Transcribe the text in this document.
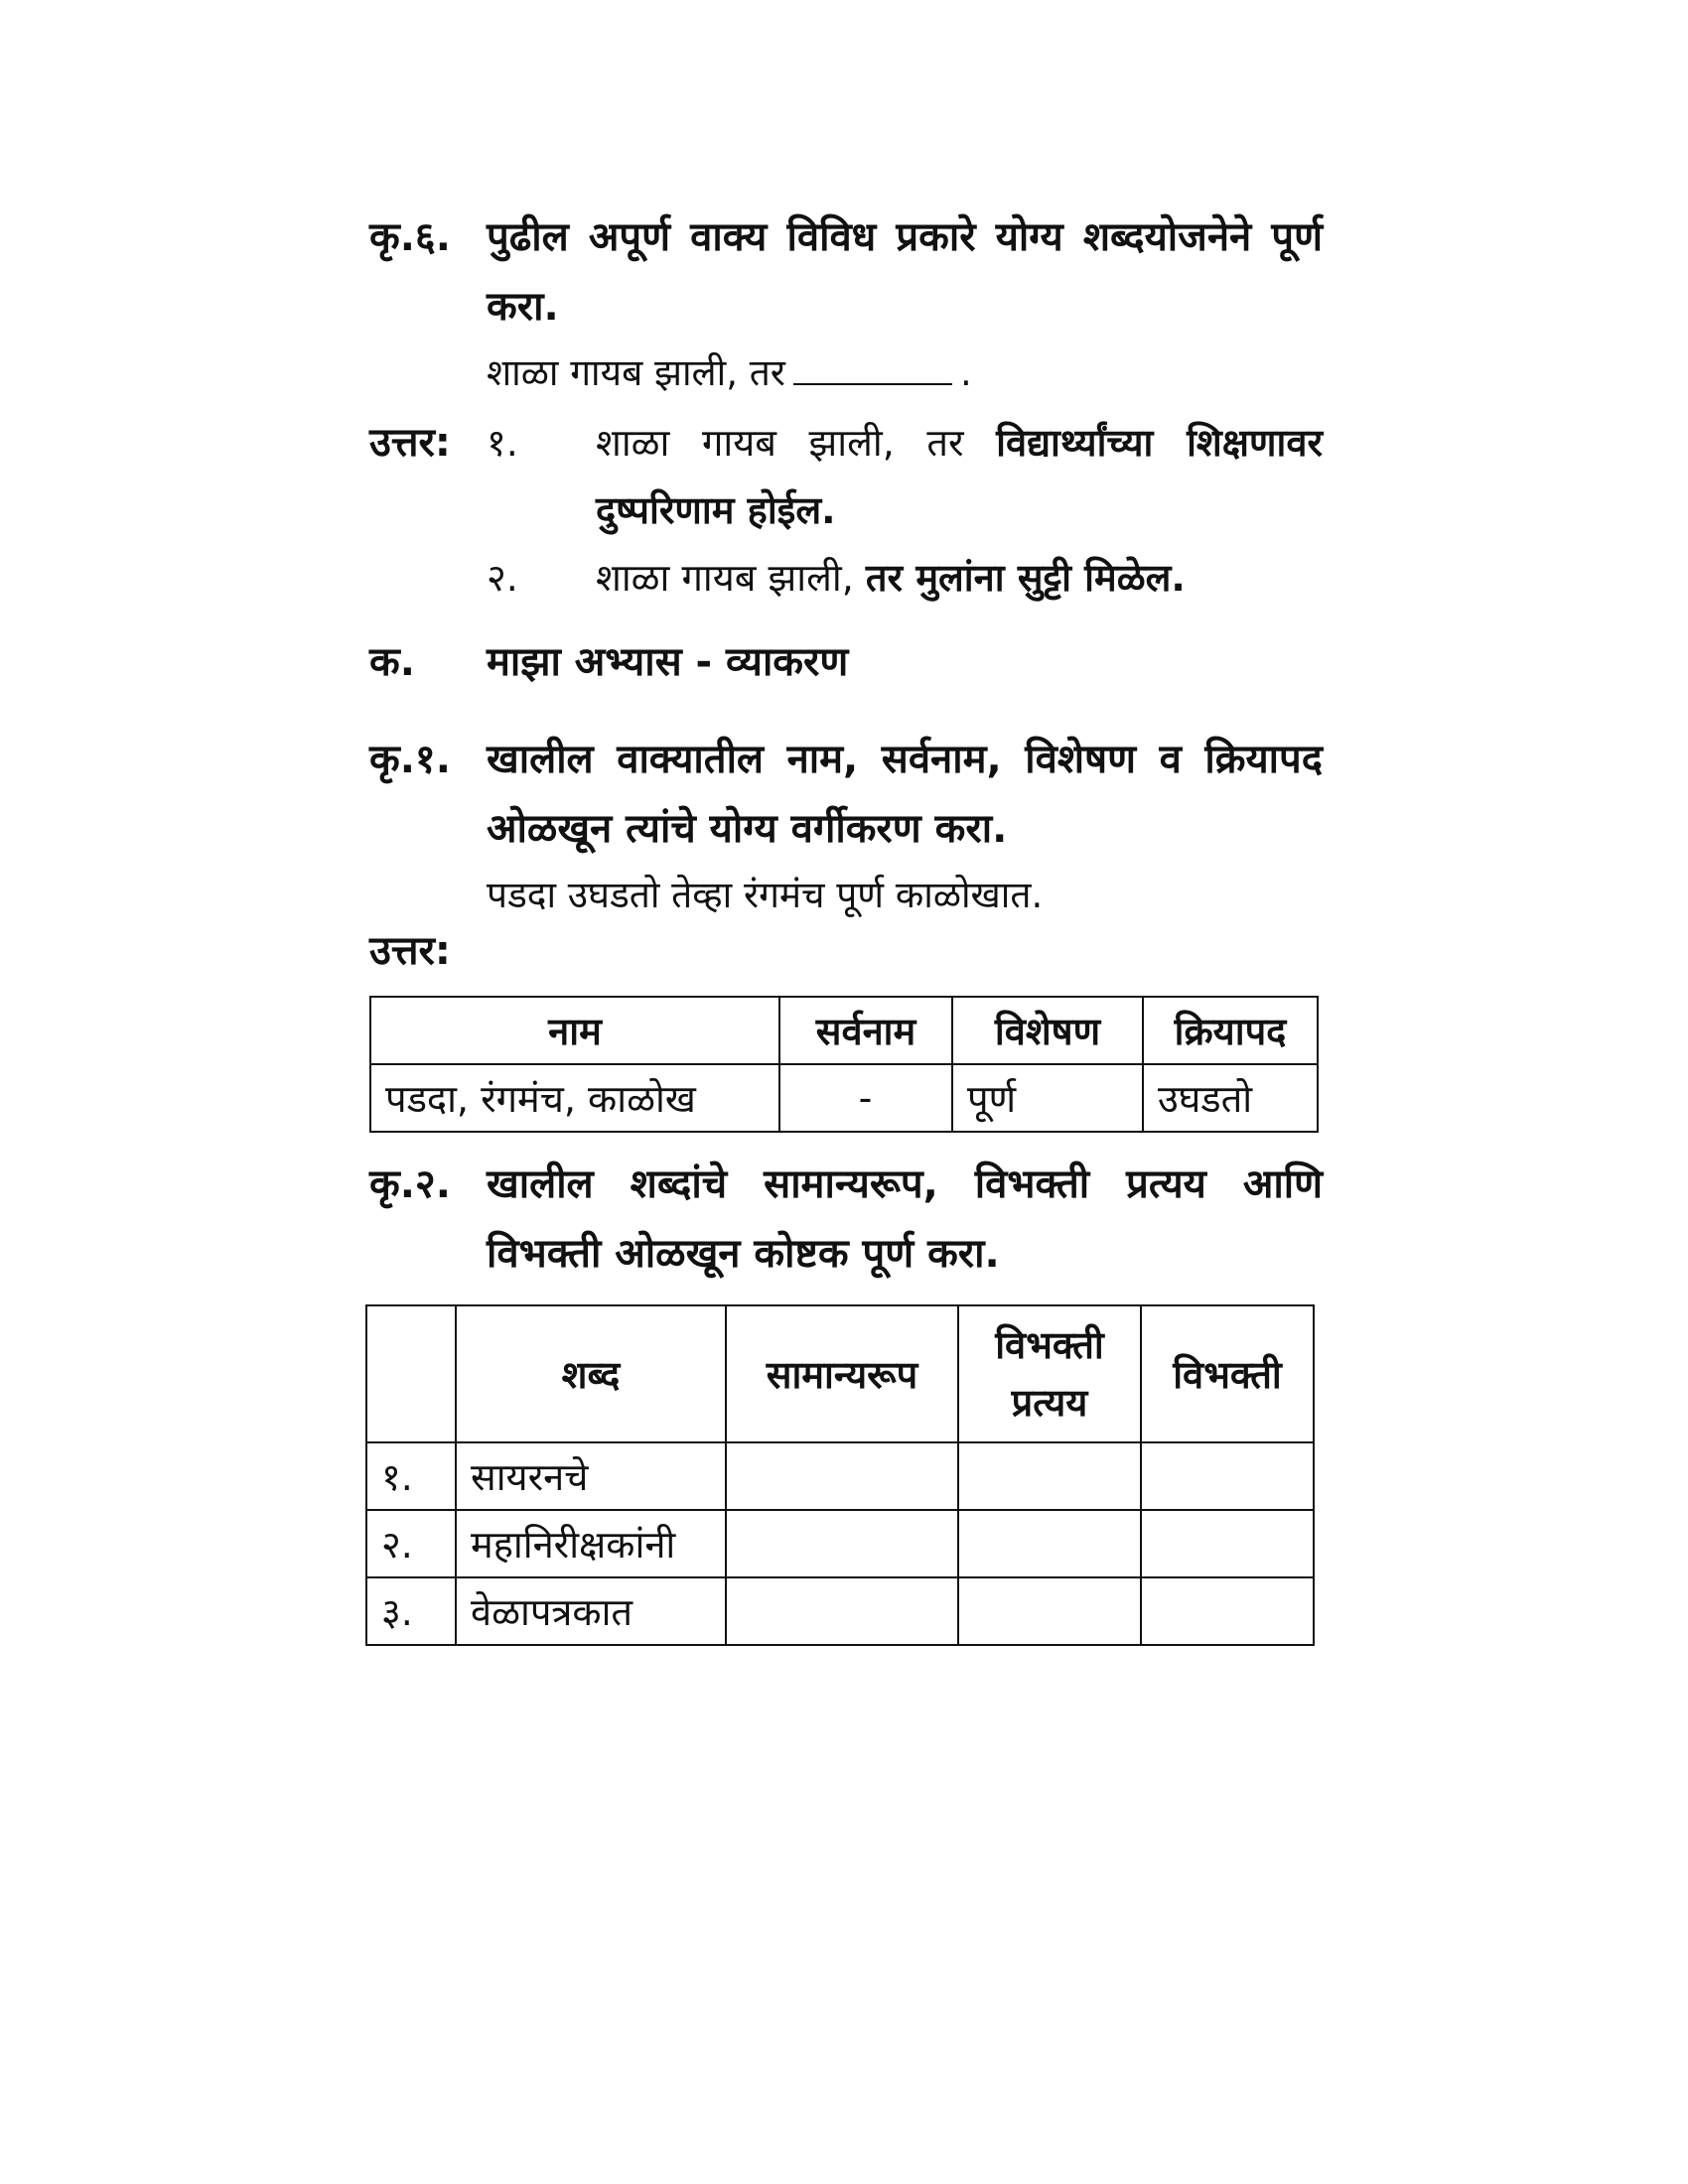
कृ.६. पुढील अपूर्ण वाक्य विविध प्रकारे योग्य शब्दयोजनेने पूर्ण करा.
शाळा गायब झाली, तर	.
उत्तर: १.	शाळा गायब झाली, तर विद्यार्थ्यांच्या शिक्षणावर दुष्परिणाम होईल.
२.	शाळा गायब झाली, तर मुलांना सुट्टी मिळेल.
क.	माझा अभ्यास - व्याकरण
कृ.१. खालील वाक्यातील नाम, सर्वनाम, विशेषण व क्रियापद ओळखून त्यांचे योग्य वर्गीकरण करा.
पडदा उघडतो तेव्हा रंगमंच पूर्ण काळोखात.
उत्तर:
नाम	सर्वनाम	विशेषण	क्रियापद
पडदा, रंगमंच, काळोख	-	पूर्ण	उघडतो
कृ.२. खालील शब्दांचे सामान्यरूप, विभक्ती प्रत्यय आणि विभक्ती ओळखून कोष्टक पूर्ण करा.
	शब्द	सामान्यरूप	विभक्ती प्रत्यय	विभक्ती
१.	सायरनचे			
२.	महानिरीक्षकांनी			
३.	वेळापत्रकात			
